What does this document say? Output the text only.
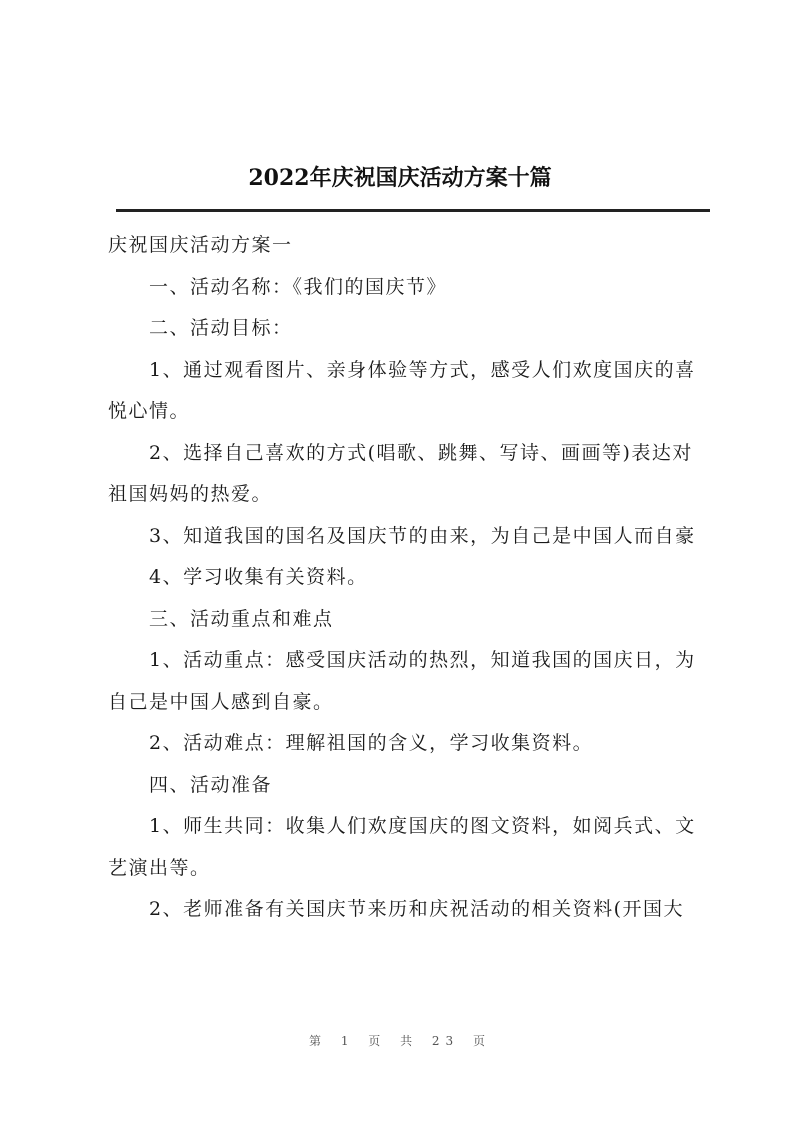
2022年庆祝国庆活动方案十篇

庆祝国庆活动方案一

一、活动名称：《我们的国庆节》

二、活动目标：

1、通过观看图片、亲身体验等方式，感受人们欢度国庆的喜悦心情。

2、选择自己喜欢的方式(唱歌、跳舞、写诗、画画等)表达对祖国妈妈的热爱。

3、知道我国的国名及国庆节的由来，为自己是中国人而自豪

4、学习收集有关资料。

三、活动重点和难点

1、活动重点：感受国庆活动的热烈，知道我国的国庆日，为自己是中国人感到自豪。

2、活动难点：理解祖国的含义，学习收集资料。

四、活动准备

1、师生共同：收集人们欢度国庆的图文资料，如阅兵式、文艺演出等。

2、老师准备有关国庆节来历和庆祝活动的相关资料(开国大

第 1 页 共 23 页
